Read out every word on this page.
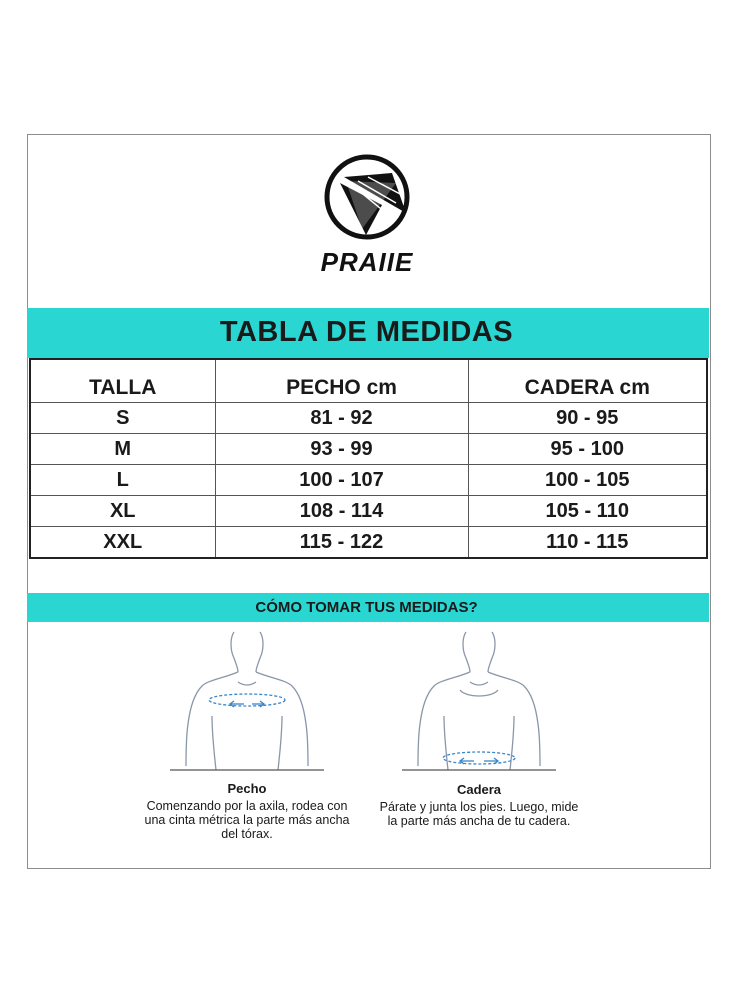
PRAIIE
TABLA DE MEDIDAS
TALLA	PECHO cm	CADERA cm
S	81 - 92	90 - 95
M	93 - 99	95 - 100
L	100 - 107	100 - 105
XL	108 - 114	105 - 110
XXL	115 - 122	110 - 115
CÓMO TOMAR TUS MEDIDAS?
Pecho
Comenzando por la axila, rodea con una cinta métrica la parte más ancha del tórax.
Cadera
Párate y junta los pies. Luego, mide la parte más ancha de tu cadera.
